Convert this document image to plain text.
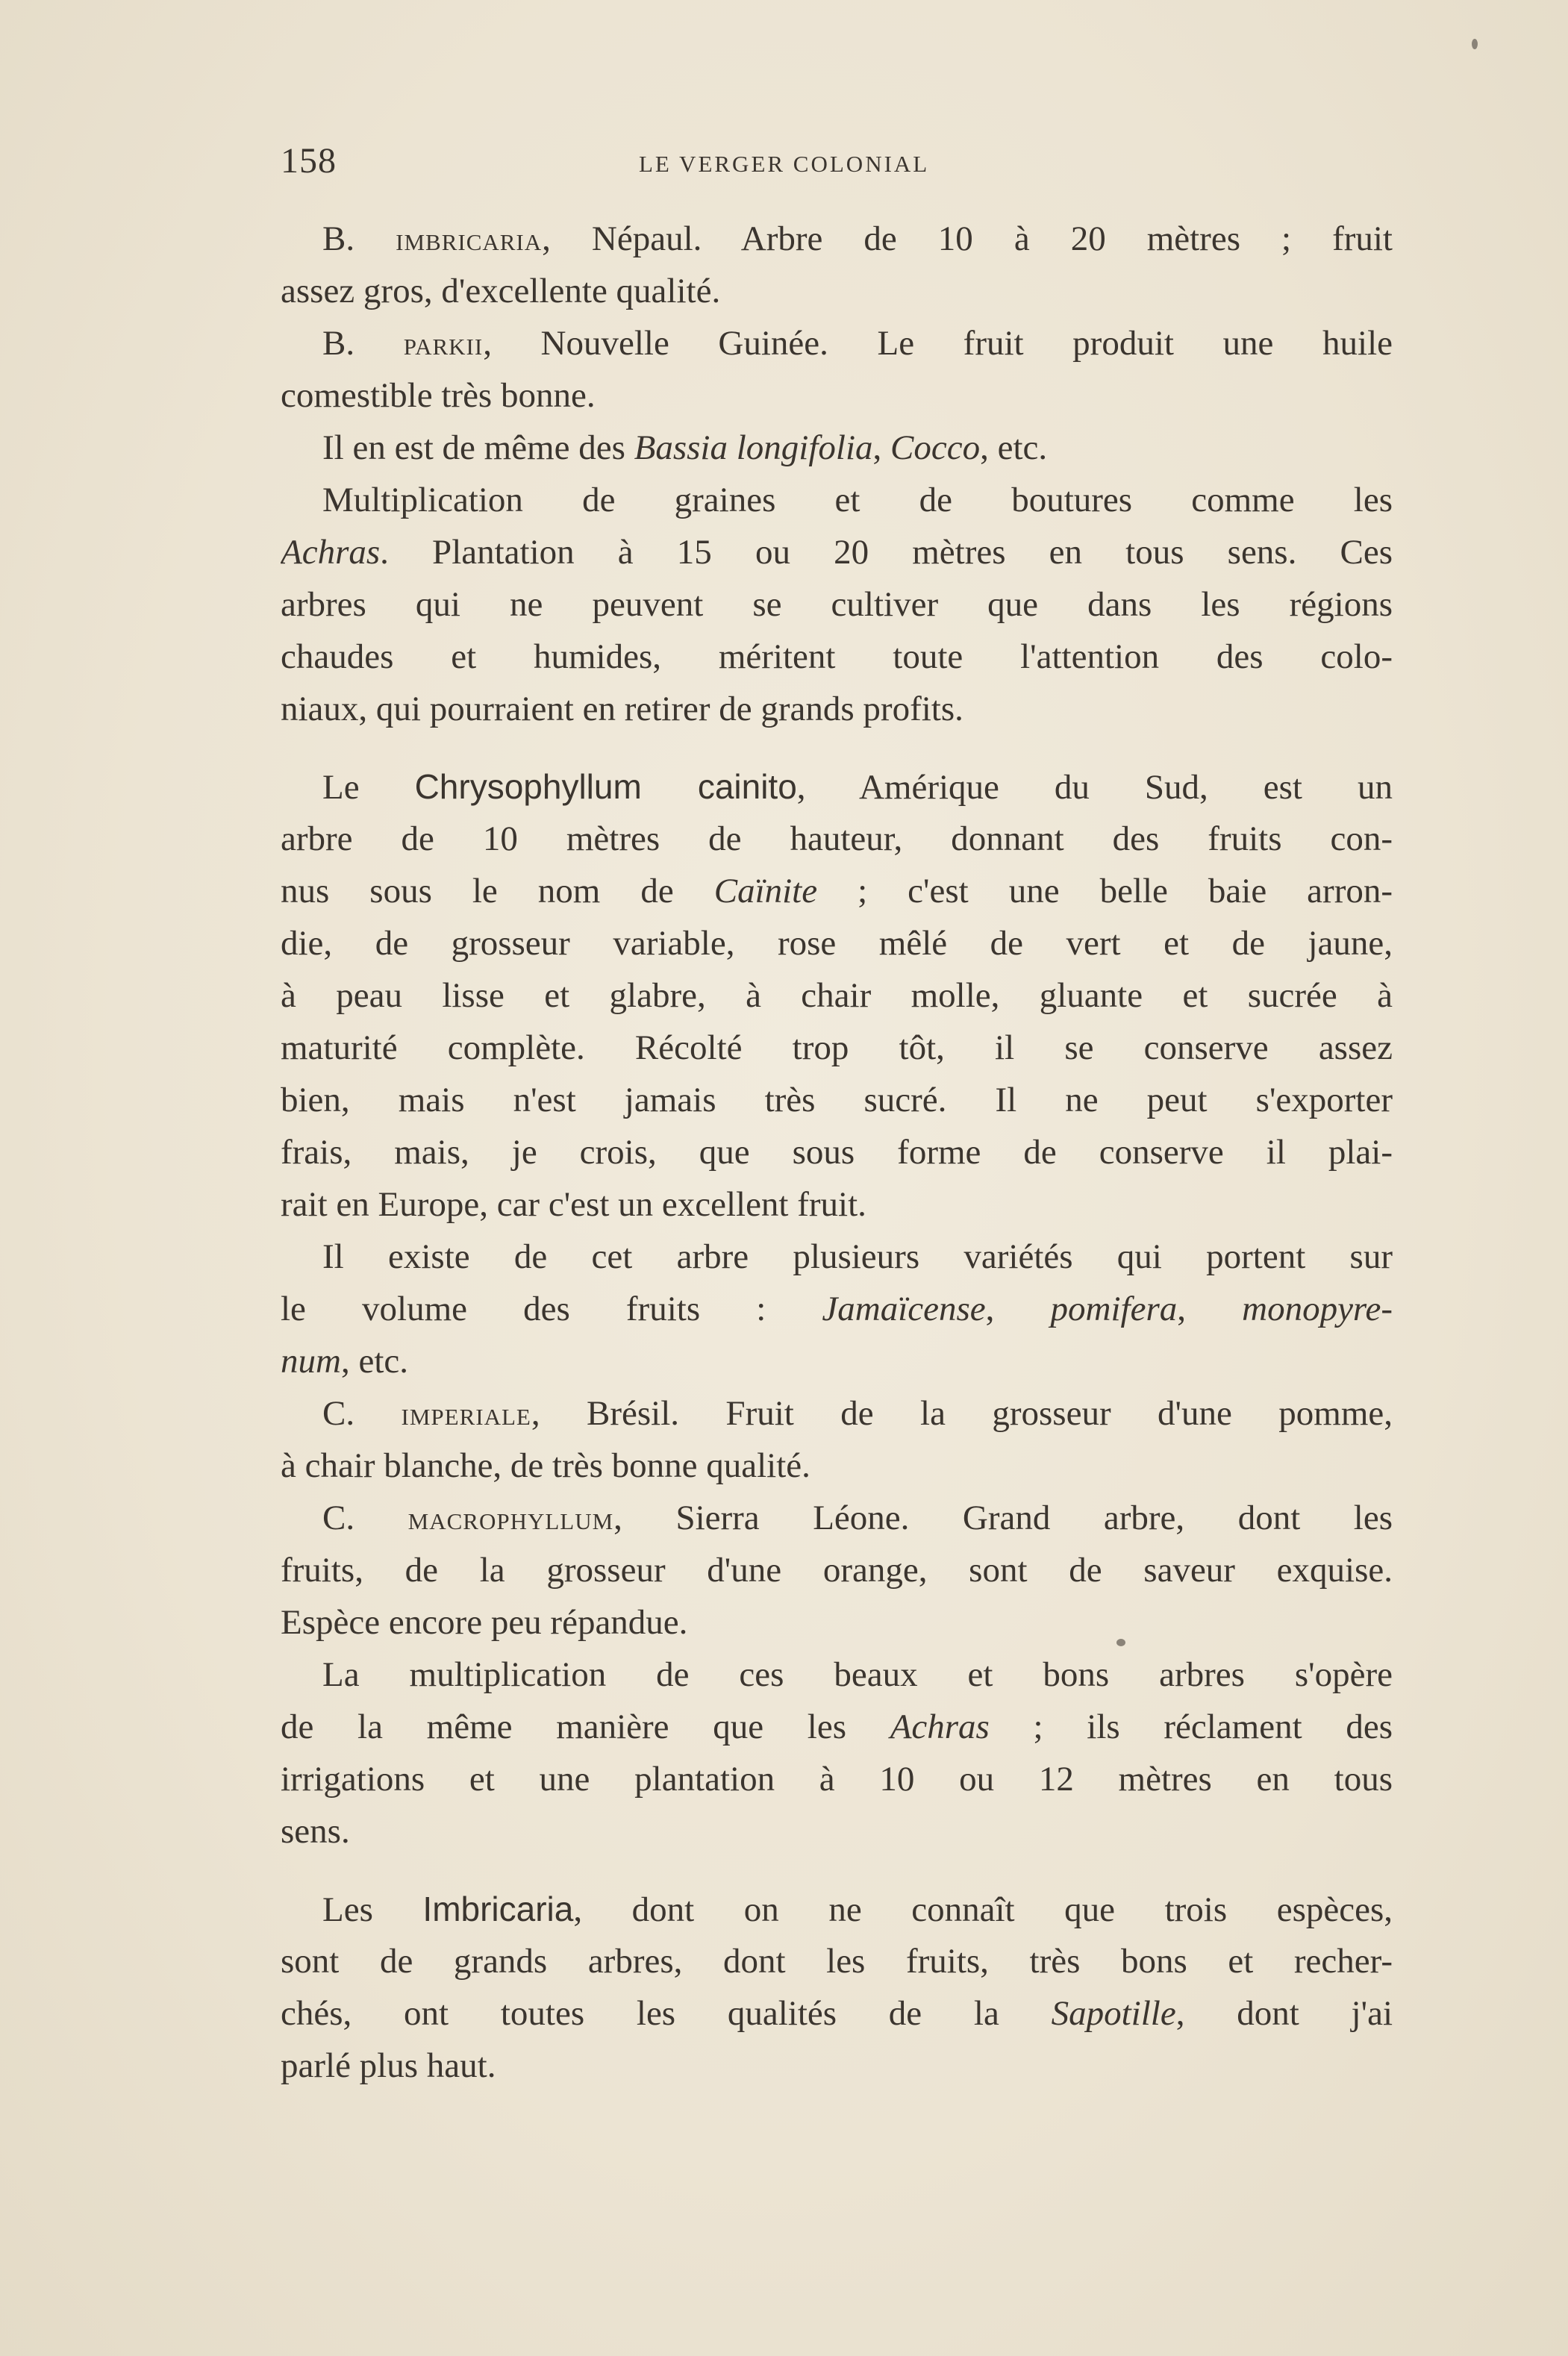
158	LE VERGER COLONIAL
B. imbricaria, Népaul. Arbre de 10 à 20 mètres ; fruit
assez gros, d'excellente qualité.
B. parkii, Nouvelle Guinée. Le fruit produit une huile
comestible très bonne.
Il en est de même des Bassia longifolia, Cocco, etc.
Multiplication de graines et de boutures comme les
Achras. Plantation à 15 ou 20 mètres en tous sens. Ces
arbres qui ne peuvent se cultiver que dans les régions
chaudes et humides, méritent toute l'attention des colo-
niaux, qui pourraient en retirer de grands profits.
Le Chrysophyllum cainito, Amérique du Sud, est un
arbre de 10 mètres de hauteur, donnant des fruits con-
nus sous le nom de Caïnite ; c'est une belle baie arron-
die, de grosseur variable, rose mêlé de vert et de jaune,
à peau lisse et glabre, à chair molle, gluante et sucrée à
maturité complète. Récolté trop tôt, il se conserve assez
bien, mais n'est jamais très sucré. Il ne peut s'exporter
frais, mais, je crois, que sous forme de conserve il plai-
rait en Europe, car c'est un excellent fruit.
Il existe de cet arbre plusieurs variétés qui portent sur
le volume des fruits : Jamaïcense, pomifera, monopyre-
num, etc.
C. imperiale, Brésil. Fruit de la grosseur d'une pomme,
à chair blanche, de très bonne qualité.
C. macrophyllum, Sierra Léone. Grand arbre, dont les
fruits, de la grosseur d'une orange, sont de saveur exquise.
Espèce encore peu répandue.
La multiplication de ces beaux et bons arbres s'opère
de la même manière que les Achras ; ils réclament des
irrigations et une plantation à 10 ou 12 mètres en tous
sens.
Les Imbricaria, dont on ne connaît que trois espèces,
sont de grands arbres, dont les fruits, très bons et recher-
chés, ont toutes les qualités de la Sapotille, dont j'ai
parlé plus haut.
